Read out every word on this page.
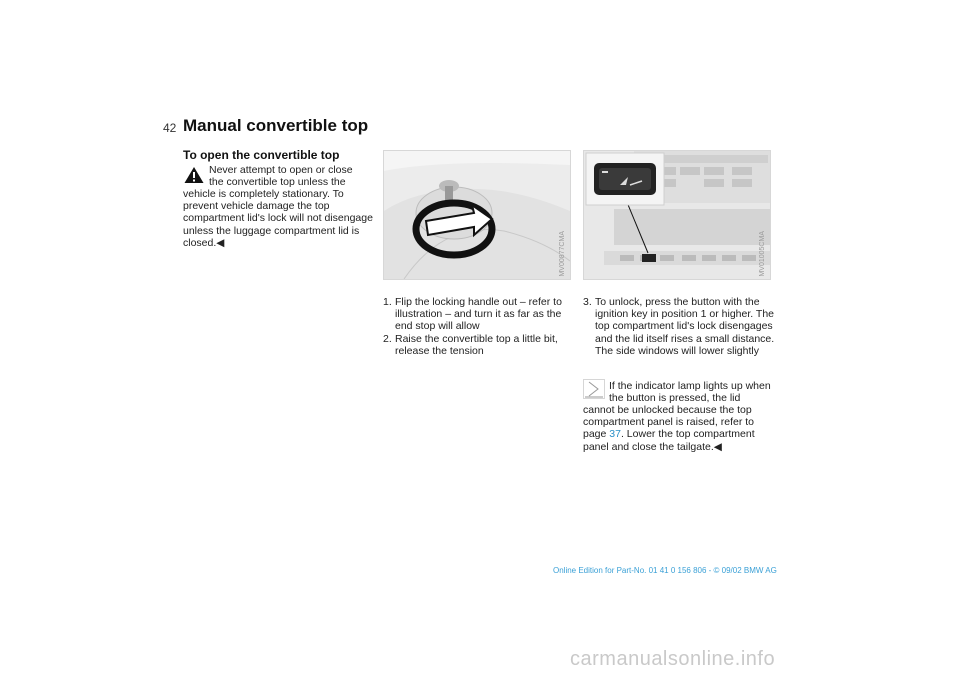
42 Manual convertible top
To open the convertible top
Never attempt to open or close the convertible top unless the
vehicle is completely stationary. To prevent vehicle damage the top compartment lid's lock will not disengage unless the luggage compartment lid is closed.◀	MV00877CMA	MV01005CMA
1. Flip the locking handle out – refer to illustration – and turn it as far as the end stop will allow
2. Raise the convertible top a little bit, release the tension
3. To unlock, press the button with the ignition key in position 1 or higher. The top compartment lid's lock disengages and the lid itself rises a small distance. The side windows will lower slightly
If the indicator lamp lights up when the button is pressed, the lid
cannot be unlocked because the top compartment panel is raised, refer to page 37. Lower the top compartment panel and close the tailgate.◀
Online Edition for Part-No. 01 41 0 156 806 - © 09/02 BMW AG
carmanualsonline.info
